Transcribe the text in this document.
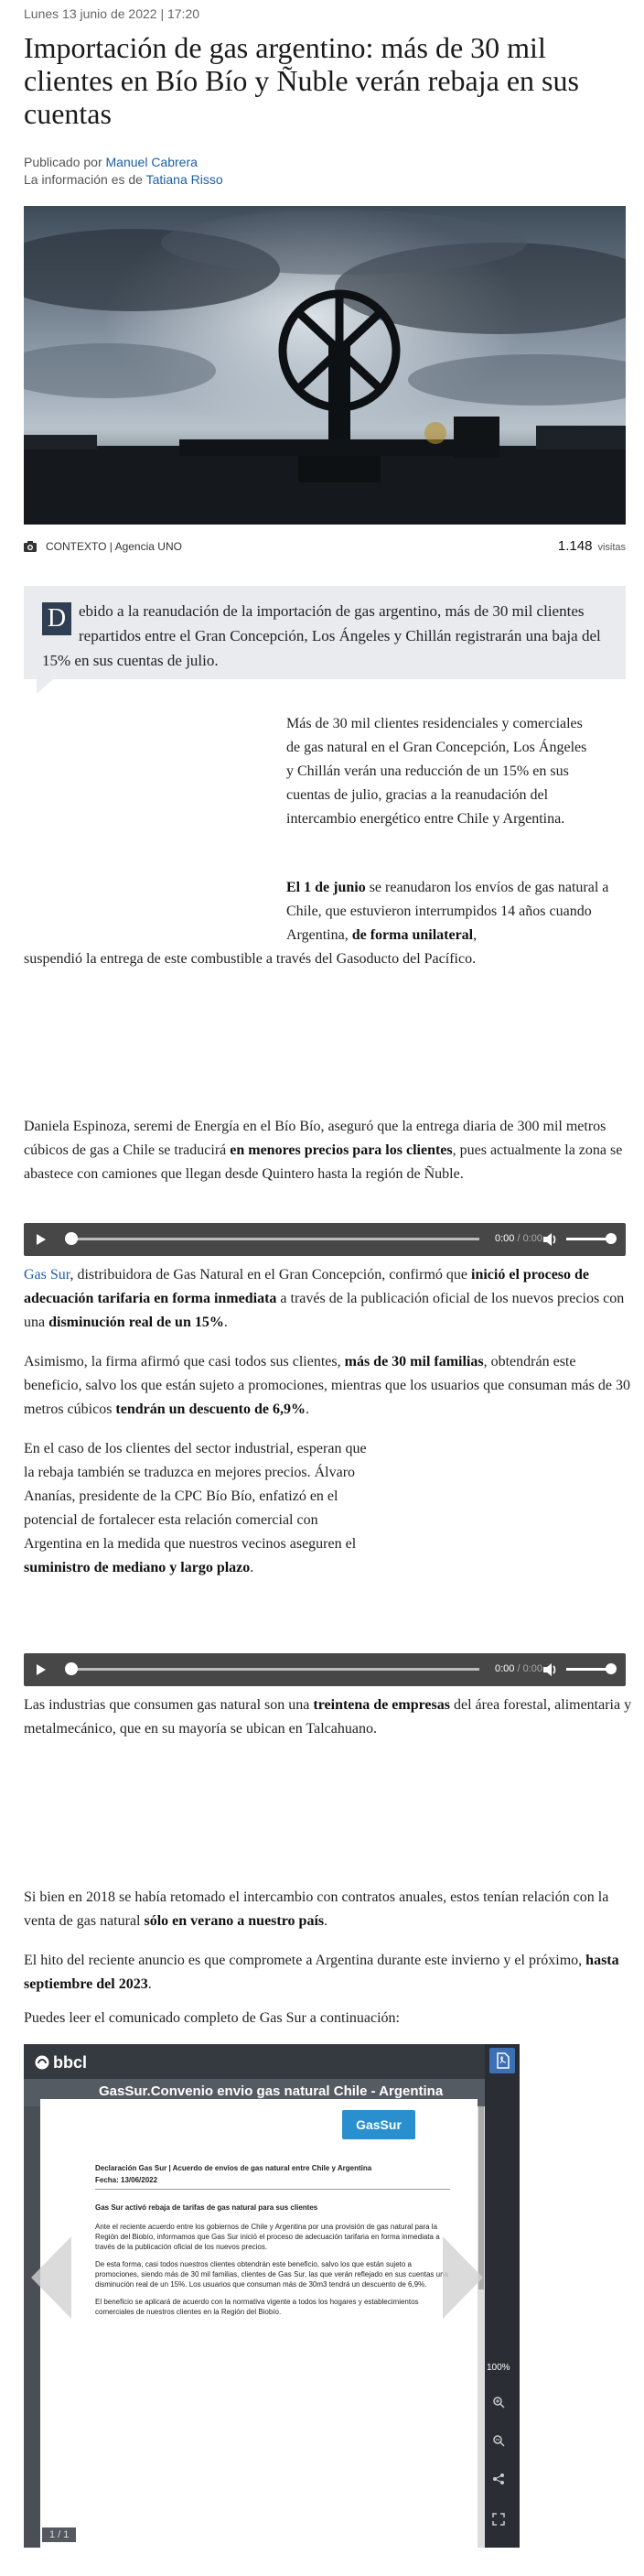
Lunes 13 junio de 2022 | 17:20
Importación de gas argentino: más de 30 mil clientes en Bío Bío y Ñuble verán rebaja en sus cuentas
Publicado por Manuel Cabrera
La información es de Tatiana Risso
CONTEXTO | Agencia UNO	1.148 visitas
D ebido a la reanudación de la importación de gas argentino, más de 30 mil clientes repartidos entre el Gran Concepción, Los Ángeles y Chillán registrarán una baja del 15% en sus cuentas de julio.

Más de 30 mil clientes residenciales y comerciales de gas natural en el Gran Concepción, Los Ángeles y Chillán verán una reducción de un 15% en sus cuentas de julio, gracias a la reanudación del intercambio energético entre Chile y Argentina.

El 1 de junio se reanudaron los envíos de gas natural a Chile, que estuvieron interrumpidos 14 años cuando Argentina, de forma unilateral,

suspendió la entrega de este combustible a través del Gasoducto del Pacífico.

Daniela Espinoza, seremi de Energía en el Bío Bío, aseguró que la entrega diaria de 300 mil metros cúbicos de gas a Chile se traducirá en menores precios para los clientes, pues actualmente la zona se abastece con camiones que llegan desde Quintero hasta la región de Ñuble.

0:00 / 0:00

Gas Sur, distribuidora de Gas Natural en el Gran Concepción, confirmó que inició el proceso de adecuación tarifaria en forma inmediata a través de la publicación oficial de los nuevos precios con una disminución real de un 15%.

Asimismo, la firma afirmó que casi todos sus clientes, más de 30 mil familias, obtendrán este beneficio, salvo los que están sujeto a promociones, mientras que los usuarios que consuman más de 30 metros cúbicos tendrán un descuento de 6,9%.

En el caso de los clientes del sector industrial, esperan que la rebaja también se traduzca en mejores precios. Álvaro Ananías, presidente de la CPC Bío Bío, enfatizó en el potencial de fortalecer esta relación comercial con Argentina en la medida que nuestros vecinos aseguren el suministro de mediano y largo plazo.

0:00 / 0:00

Las industrias que consumen gas natural son una treintena de empresas del área forestal, alimentaria y metalmecánico, que en su mayoría se ubican en Talcahuano.

Si bien en 2018 se había retomado el intercambio con contratos anuales, estos tenían relación con la venta de gas natural sólo en verano a nuestro país.

El hito del reciente anuncio es que compromete a Argentina durante este invierno y el próximo, hasta septiembre del 2023.

Puedes leer el comunicado completo de Gas Sur a continuación:

bbcl
GasSur.Convenio envio gas natural Chile - Argentina
GasSur
Declaración Gas Sur | Acuerdo de envíos de gas natural entre Chile y Argentina
Fecha: 13/06/2022
Gas Sur activó rebaja de tarifas de gas natural para sus clientes
Ante el reciente acuerdo entre los gobiernos de Chile y Argentina por una provisión de gas natural para la Región del Biobío, informamos que Gas Sur inició el proceso de adecuación tarifaria en forma inmediata a través de la publicación oficial de los nuevos precios.
De esta forma, casi todos nuestros clientes obtendrán este beneficio, salvo los que están sujeto a promociones, siendo más de 30 mil familias, clientes de Gas Sur, las que verán reflejado en sus cuentas una disminución real de un 15%. Los usuarios que consuman más de 30m3 tendrá un descuento de 6,9%.
El beneficio se aplicará de acuerdo con la normativa vigente a todos los hogares y establecimientos comerciales de nuestros clientes en la Región del Biobío.
1 / 1
100%
